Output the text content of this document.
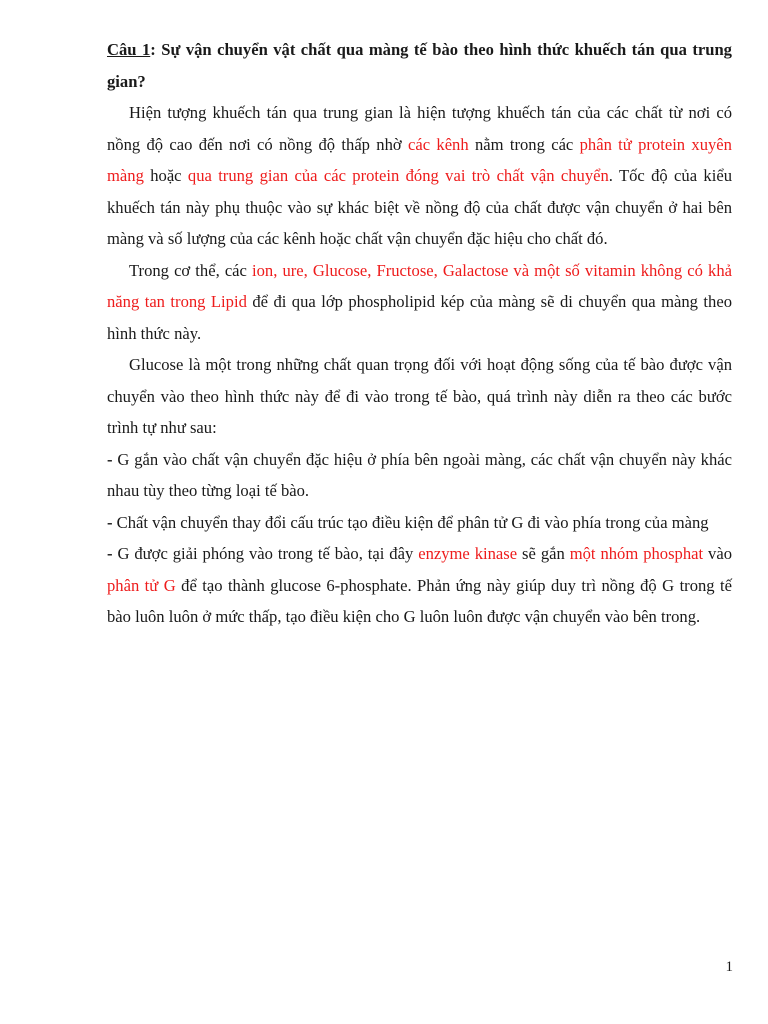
Câu 1: Sự vận chuyển vật chất qua màng tế bào theo hình thức khuếch tán qua trung gian?

Hiện tượng khuếch tán qua trung gian là hiện tượng khuếch tán của các chất từ nơi có nồng độ cao đến nơi có nồng độ thấp nhờ các kênh nằm trong các phân tử protein xuyên màng hoặc qua trung gian của các protein đóng vai trò chất vận chuyển. Tốc độ của kiểu khuếch tán này phụ thuộc vào sự khác biệt về nồng độ của chất được vận chuyển ở hai bên màng và số lượng của các kênh hoặc chất vận chuyển đặc hiệu cho chất đó.

Trong cơ thể, các ion, ure, Glucose, Fructose, Galactose và một số vitamin không có khả năng tan trong Lipid để đi qua lớp phospholipid kép của màng sẽ di chuyển qua màng theo hình thức này.

Glucose là một trong những chất quan trọng đối với hoạt động sống của tế bào được vận chuyển vào theo hình thức này để đi vào trong tế bào, quá trình này diễn ra theo các bước trình tự như sau:

- G gắn vào chất vận chuyển đặc hiệu ở phía bên ngoài màng, các chất vận chuyển này khác nhau tùy theo từng loại tế bào.

- Chất vận chuyển thay đổi cấu trúc tạo điều kiện để phân tử G đi vào phía trong của màng

- G được giải phóng vào trong tế bào, tại đây enzyme kinase sẽ gắn một nhóm phosphat vào phân tử G để tạo thành glucose 6-phosphate. Phản ứng này giúp duy trì nồng độ G trong tế bào luôn luôn ở mức thấp, tạo điều kiện cho G luôn luôn được vận chuyển vào bên trong.

1
